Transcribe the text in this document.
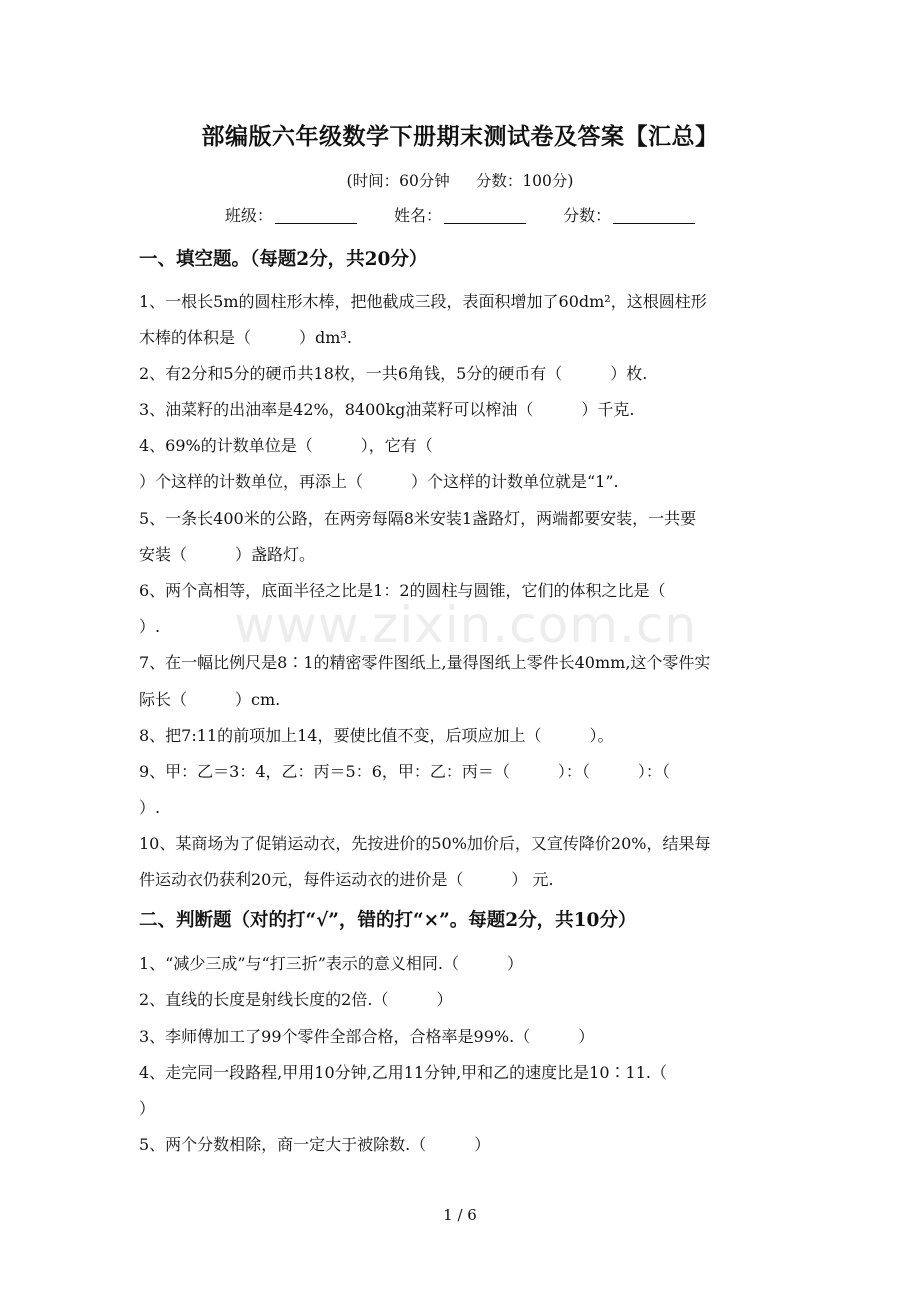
部编版六年级数学下册期末测试卷及答案【汇总】
(时间：60分钟 分数：100分)
班级：	姓名：	分数：
一、填空题。（每题2分，共20分）
1、一根长5m的圆柱形木棒，把他截成三段，表面积增加了60dm²，这根圆柱形
木棒的体积是（　　　）dm³.
2、有2分和5分的硬币共18枚，一共6角钱，5分的硬币有（　　　）枚.
3、油菜籽的出油率是42%，8400kg油菜籽可以榨油（　　　）千克.
4、69%的计数单位是（　　　），它有（
）个这样的计数单位，再添上（　　　）个这样的计数单位就是“1”.
5、一条长400米的公路，在两旁每隔8米安装1盏路灯，两端都要安装，一共要
安装（　　　）盏路灯。
6、两个高相等，底面半径之比是1：2的圆柱与圆锥，它们的体积之比是（
）.
7、在一幅比例尺是8∶1的精密零件图纸上,量得图纸上零件长40mm,这个零件实
际长（　　　）cm.
8、把7:11的前项加上14，要使比值不变，后项应加上（　　　）。
9、甲：乙＝3：4，乙：丙＝5：6，甲：乙：丙＝（　　　）：（　　　）：（
）.
10、某商场为了促销运动衣，先按进价的50%加价后，又宣传降价20%，结果每
件运动衣仍获利20元，每件运动衣的进价是（　　　） 元.
二、判断题（对的打“√”，错的打“×”。每题2分，共10分）
1、“减少三成”与“打三折”表示的意义相同.（　　　）
2、直线的长度是射线长度的2倍.（　　　）
3、李师傅加工了99个零件全部合格，合格率是99%.（　　　）
4、走完同一段路程,甲用10分钟,乙用11分钟,甲和乙的速度比是10∶11.（
）
5、两个分数相除，商一定大于被除数.（　　　）
www.zixin.com.cn
1 / 6
